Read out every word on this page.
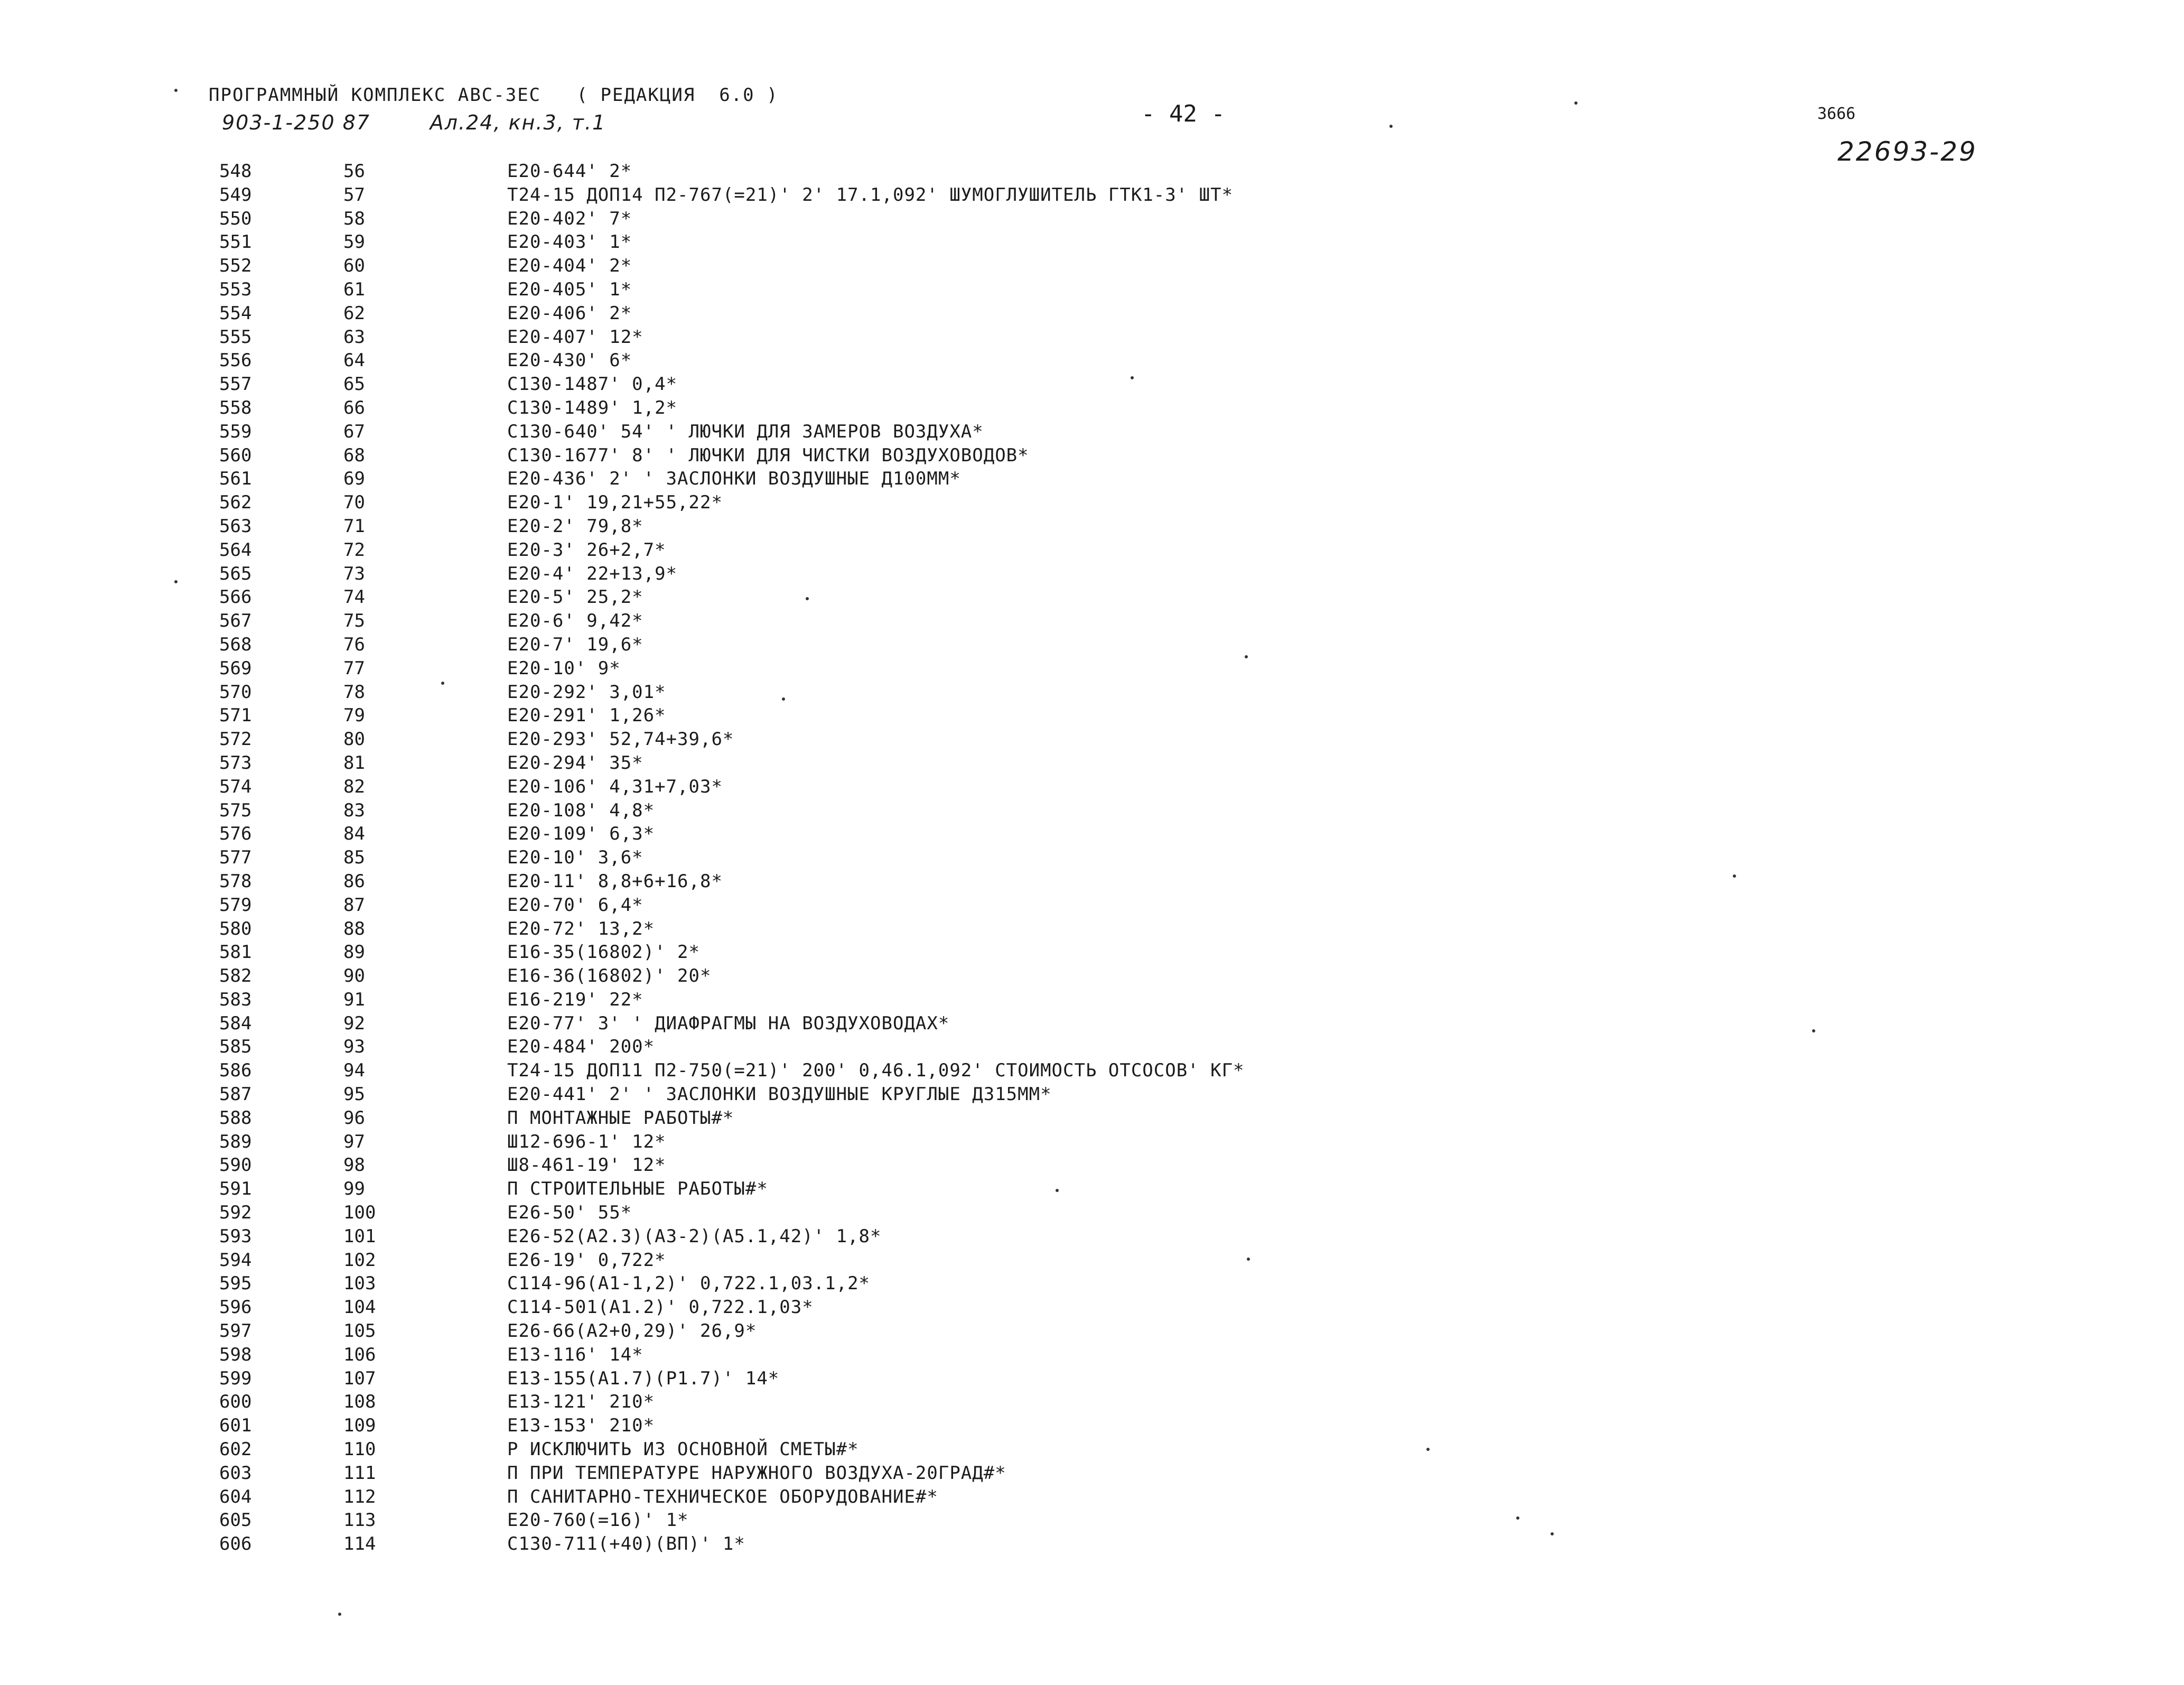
ПРОГРАММНЫЙ КОМПЛЕКС АВС-ЗЕС   ( РЕДАКЦИЯ  6.0 )
903-1-250 87        Ал.24, кн.3, т.1	- 42 -	3666
22693-29
548	56	Е20-644' 2*
549	57	Т24-15 ДОП14 П2-767(=21)' 2' 17.1,092' ШУМОГЛУШИТЕЛЬ ГТК1-3' ШТ*
550	58	Е20-402' 7*
551	59	Е20-403' 1*
552	60	Е20-404' 2*
553	61	Е20-405' 1*
554	62	Е20-406' 2*
555	63	Е20-407' 12*
556	64	Е20-430' 6*
557	65	С130-1487' 0,4*
558	66	С130-1489' 1,2*
559	67	С130-640' 54' ' ЛЮЧКИ ДЛЯ ЗАМЕРОВ ВОЗДУХА*
560	68	С130-1677' 8' ' ЛЮЧКИ ДЛЯ ЧИСТКИ ВОЗДУХОВОДОВ*
561	69	Е20-436' 2' ' ЗАСЛОНКИ ВОЗДУШНЫЕ Д100ММ*
562	70	Е20-1' 19,21+55,22*
563	71	Е20-2' 79,8*
564	72	Е20-3' 26+2,7*
565	73	Е20-4' 22+13,9*
566	74	Е20-5' 25,2*
567	75	Е20-6' 9,42*
568	76	Е20-7' 19,6*
569	77	Е20-10' 9*
570	78	Е20-292' 3,01*
571	79	Е20-291' 1,26*
572	80	Е20-293' 52,74+39,6*
573	81	Е20-294' 35*
574	82	Е20-106' 4,31+7,03*
575	83	Е20-108' 4,8*
576	84	Е20-109' 6,3*
577	85	Е20-10' 3,6*
578	86	Е20-11' 8,8+6+16,8*
579	87	Е20-70' 6,4*
580	88	Е20-72' 13,2*
581	89	Е16-35(16802)' 2*
582	90	Е16-36(16802)' 20*
583	91	Е16-219' 22*
584	92	Е20-77' 3' ' ДИАФРАГМЫ НА ВОЗДУХОВОДАХ*
585	93	Е20-484' 200*
586	94	Т24-15 ДОП11 П2-750(=21)' 200' 0,46.1,092' СТОИМОСТЬ ОТСОСОВ' КГ*
587	95	Е20-441' 2' ' ЗАСЛОНКИ ВОЗДУШНЫЕ КРУГЛЫЕ Д315ММ*
588	96	П МОНТАЖНЫЕ РАБОТЫ#*
589	97	Ш12-696-1' 12*
590	98	Ш8-461-19' 12*
591	99	П СТРОИТЕЛЬНЫЕ РАБОТЫ#*
592	100	Е26-50' 55*
593	101	Е26-52(А2.3)(А3-2)(А5.1,42)' 1,8*
594	102	Е26-19' 0,722*
595	103	С114-96(А1-1,2)' 0,722.1,03.1,2*
596	104	С114-501(А1.2)' 0,722.1,03*
597	105	Е26-66(А2+0,29)' 26,9*
598	106	Е13-116' 14*
599	107	Е13-155(А1.7)(Р1.7)' 14*
600	108	Е13-121' 210*
601	109	Е13-153' 210*
602	110	Р ИСКЛЮЧИТЬ ИЗ ОСНОВНОЙ СМЕТЫ#*
603	111	П ПРИ ТЕМПЕРАТУРЕ НАРУЖНОГО ВОЗДУХА-20ГРАД#*
604	112	П САНИТАРНО-ТЕХНИЧЕСКОЕ ОБОРУДОВАНИЕ#*
605	113	Е20-760(=16)' 1*
606	114	С130-711(+40)(ВП)' 1*
